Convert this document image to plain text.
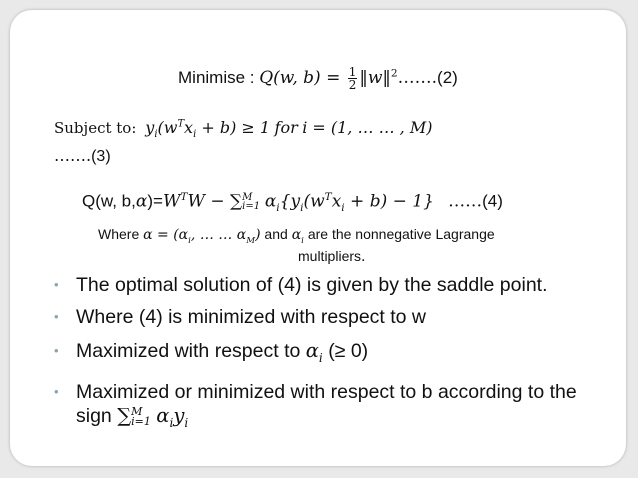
Minimise : Q(w, $b) = \frac{1}{2}$ ‖w‖$^2$…….(2)
Subject to: $y_i(w^Tx_i + b) \ge 1$ for i = (1, … … , M)
…….(3)
Q(w, $b,\alpha)=W^TW$ − ∑ M
i=1 $\alpha_i\{y_i(w^Tx_i + b) - 1\}$ ……(4)
Where $\alpha = (\alpha_i$, … … $\alpha_M$) and $\alpha_i$ are the nonnegative Lagrange
multipliers.
• The optimal solution of (4) is given by the saddle point.
• Where (4) is minimized with respect to w
• Maximized with respect to $\alpha_i$ (≥ 0)
• Maximized or minimized with respect to b according to the sign ∑ M
i=1 $\alpha_iy_i$
